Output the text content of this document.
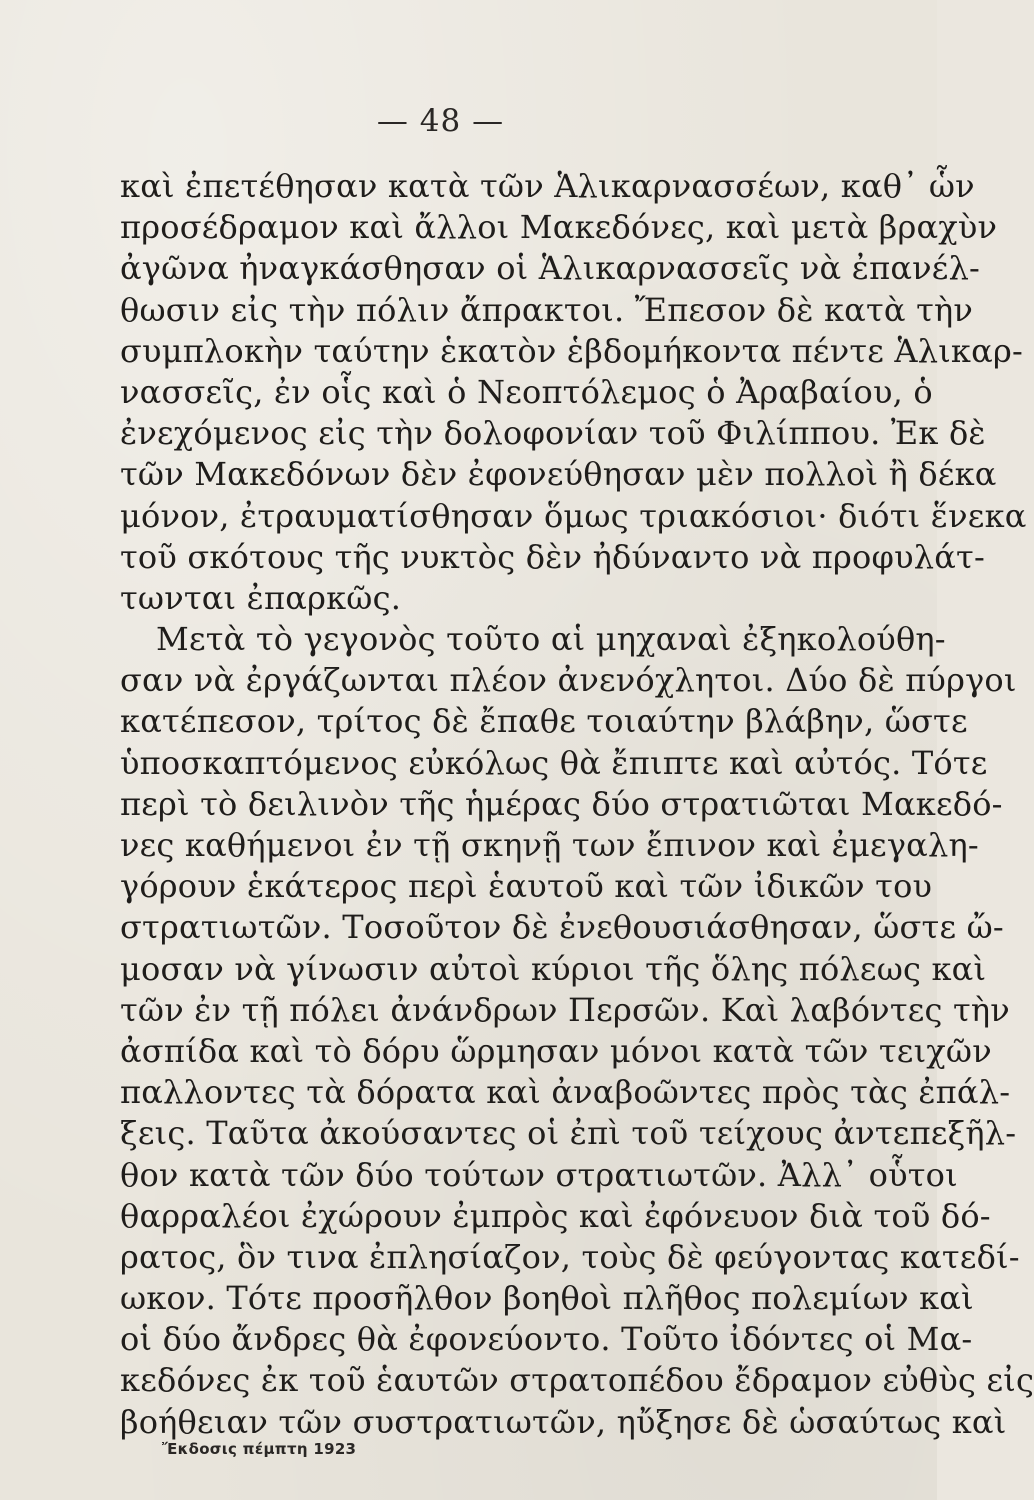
— 48 —
καὶ ἐπετέθησαν κατὰ τῶν Ἁλικαρνασσέων, καθ᾽ ὧν
προσέδραμον καὶ ἄλλοι Μακεδόνες, καὶ μετὰ βραχὺν
ἀγῶνα ἠναγκάσθησαν οἱ Ἁλικαρνασσεῖς νὰ ἐπανέλ-
θωσιν εἰς τὴν πόλιν ἄπρακτοι. Ἔπεσον δὲ κατὰ τὴν
συμπλοκὴν ταύτην ἑκατὸν ἑβδομήκοντα πέντε Ἁλικαρ-
νασσεῖς, ἐν οἷς καὶ ὁ Νεοπτόλεμος ὁ Ἀραβαίου, ὁ
ἐνεχόμενος εἰς τὴν δολοφονίαν τοῦ Φιλίππου. Ἐκ δὲ
τῶν Μακεδόνων δὲν ἐφονεύθησαν μὲν πολλοὶ ἢ δέκα
μόνον, ἐτραυματίσθησαν ὅμως τριακόσιοι· διότι ἕνεκα
τοῦ σκότους τῆς νυκτὸς δὲν ἠδύναντο νὰ προφυλάτ-
τωνται ἐπαρκῶς.
Μετὰ τὸ γεγονὸς τοῦτο αἱ μηχαναὶ ἐξηκολούθη-
σαν νὰ ἐργάζωνται πλέον ἀνενόχλητοι. Δύο δὲ πύργοι
κατέπεσον, τρίτος δὲ ἔπαθε τοιαύτην βλάβην, ὥστε
ὑποσκαπτόμενος εὐκόλως θὰ ἔπιπτε καὶ αὐτός. Τότε
περὶ τὸ δειλινὸν τῆς ἡμέρας δύο στρατιῶται Μακεδό-
νες καθήμενοι ἐν τῇ σκηνῇ των ἔπινον καὶ ἐμεγαλη-
γόρουν ἑκάτερος περὶ ἑαυτοῦ καὶ τῶν ἰδικῶν του
στρατιωτῶν. Τοσοῦτον δὲ ἐνεθουσιάσθησαν, ὥστε ὤ-
μοσαν νὰ γίνωσιν αὐτοὶ κύριοι τῆς ὅλης πόλεως καὶ
τῶν ἐν τῇ πόλει ἀνάνδρων Περσῶν. Καὶ λαβόντες τὴν
ἀσπίδα καὶ τὸ δόρυ ὥρμησαν μόνοι κατὰ τῶν τειχῶν
παλλοντες τὰ δόρατα καὶ ἀναβοῶντες πρὸς τὰς ἐπάλ-
ξεις. Ταῦτα ἀκούσαντες οἱ ἐπὶ τοῦ τείχους ἀντεπεξῆλ-
θον κατὰ τῶν δύο τούτων στρατιωτῶν. Ἀλλ᾽ οὗτοι
θαρραλέοι ἐχώρουν ἐμπρὸς καὶ ἐφόνευον διὰ τοῦ δό-
ρατος, ὃν τινα ἐπλησίαζον, τοὺς δὲ φεύγοντας κατεδί-
ωκον. Τότε προσῆλθον βοηθοὶ πλῆθος πολεμίων καὶ
οἱ δύο ἄνδρες θὰ ἐφονεύοντο. Τοῦτο ἰδόντες οἱ Μα-
κεδόνες ἐκ τοῦ ἑαυτῶν στρατοπέδου ἔδραμον εὐθὺς εἰς
βοήθειαν τῶν συστρατιωτῶν, ηὔξησε δὲ ὡσαύτως καὶ
Ἔκδοσις πέμπτη 1923
